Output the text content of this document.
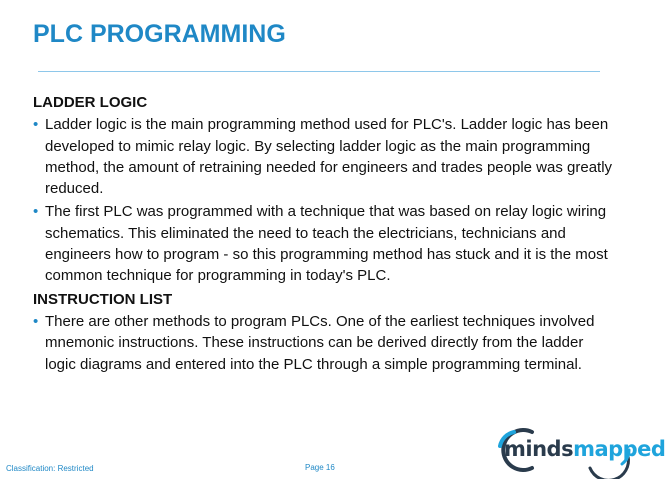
PLC PROGRAMMING

LADDER LOGIC

• Ladder logic is the main programming method used for PLC's. Ladder logic has been developed to mimic relay logic. By selecting ladder logic as the main programming method, the amount of retraining needed for engineers and trades people was greatly reduced.
• The first PLC was programmed with a technique that was based on relay logic wiring schematics. This eliminated the need to teach the electricians, technicians and engineers how to program - so this programming method has stuck and it is the most common technique for programming in today's PLC.

INSTRUCTION LIST

• There are other methods to program PLCs. One of the earliest techniques involved mnemonic instructions. These instructions can be derived directly from the ladder logic diagrams and entered into the PLC through a simple programming terminal.
Classification: Restricted	Page 16
mindsmapped
